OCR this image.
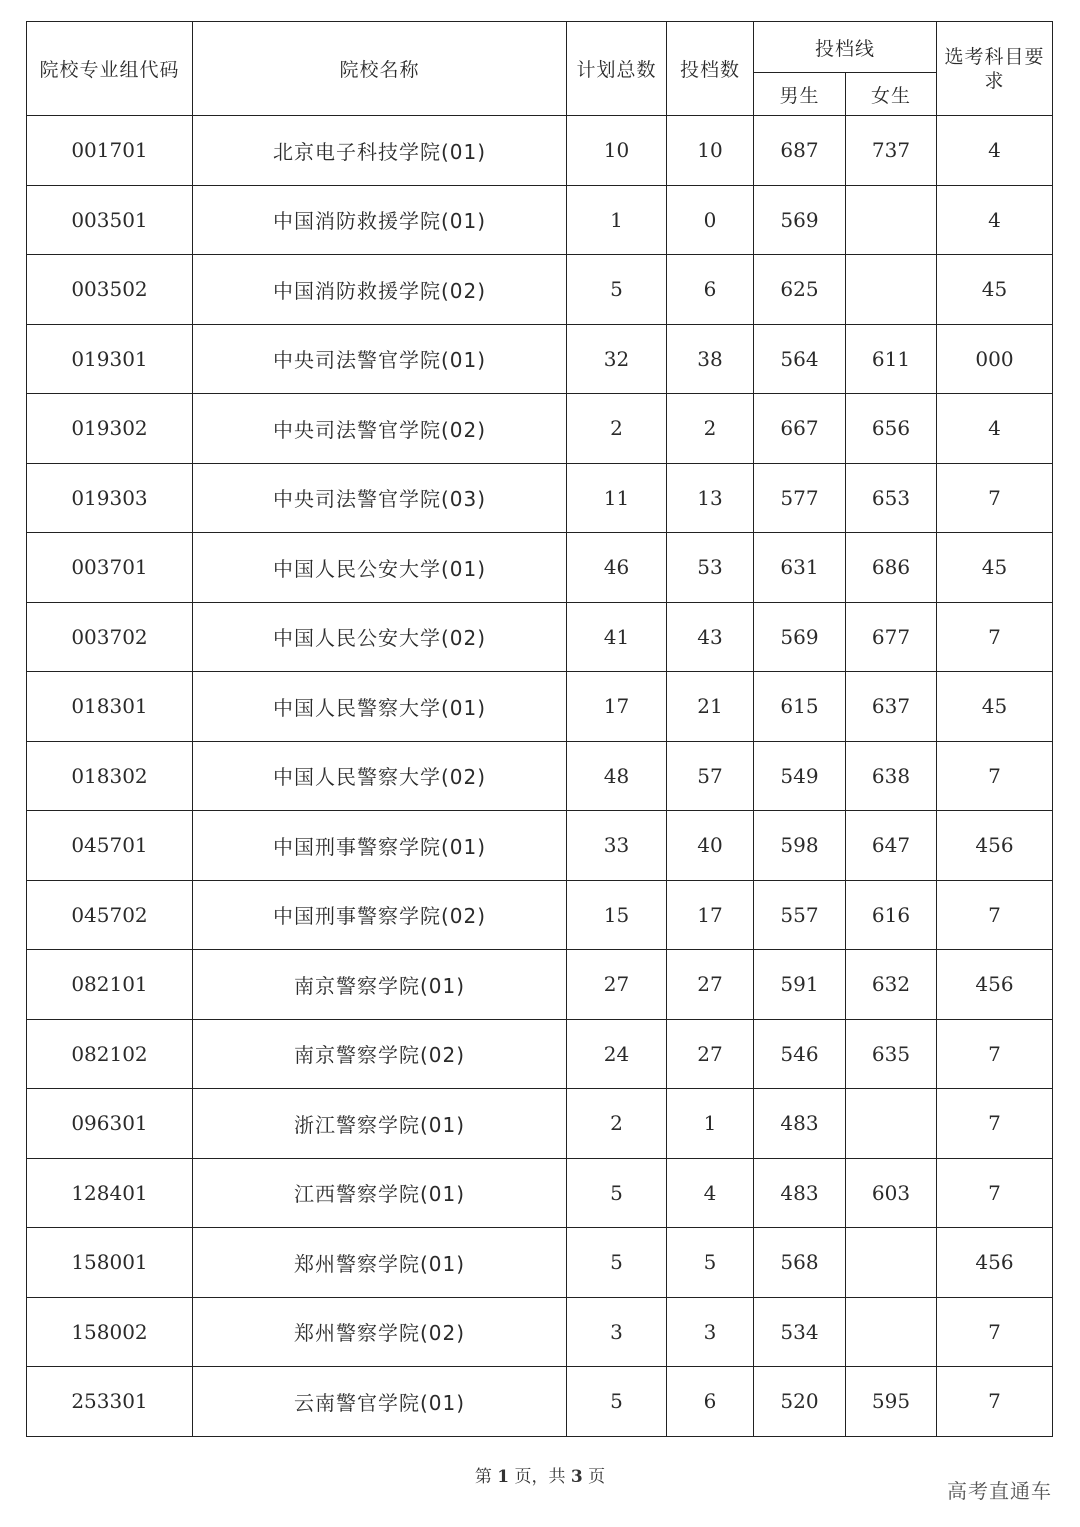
院校专业组代码	院校名称	计划总数	投档数	投档线		选考科目要求
				男生	女生	
001701	北京电子科技学院(01)	10	10	687	737	4
003501	中国消防救援学院(01)	1	0	569		4
003502	中国消防救援学院(02)	5	6	625		45
019301	中央司法警官学院(01)	32	38	564	611	000
019302	中央司法警官学院(02)	2	2	667	656	4
019303	中央司法警官学院(03)	11	13	577	653	7
003701	中国人民公安大学(01)	46	53	631	686	45
003702	中国人民公安大学(02)	41	43	569	677	7
018301	中国人民警察大学(01)	17	21	615	637	45
018302	中国人民警察大学(02)	48	57	549	638	7
045701	中国刑事警察学院(01)	33	40	598	647	456
045702	中国刑事警察学院(02)	15	17	557	616	7
082101	南京警察学院(01)	27	27	591	632	456
082102	南京警察学院(02)	24	27	546	635	7
096301	浙江警察学院(01)	2	1	483		7
128401	江西警察学院(01)	5	4	483	603	7
158001	郑州警察学院(01)	5	5	568		456
158002	郑州警察学院(02)	3	3	534		7
253301	云南警官学院(01)	5	6	520	595	7
第 1 页，共 3 页
高考直通车
